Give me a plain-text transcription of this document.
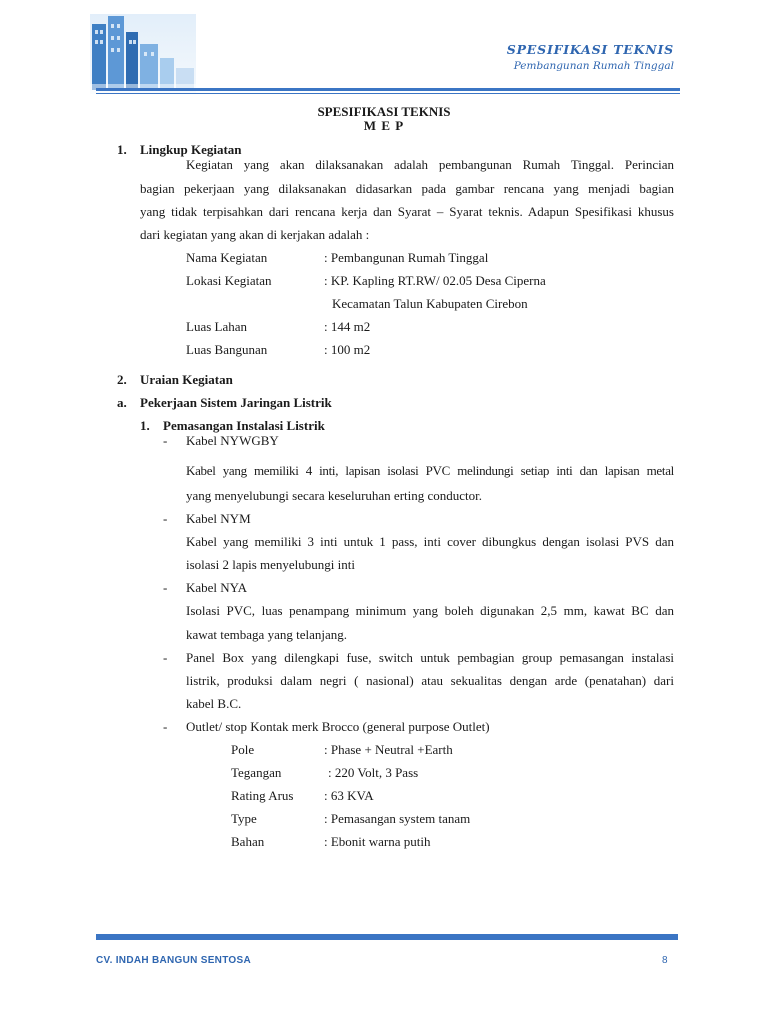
SPESIFIKASI TEKNIS
Pembangunan Rumah Tinggal
SPESIFIKASI TEKNIS
M E P
1. Lingkup Kegiatan
Kegiatan yang akan dilaksanakan adalah pembangunan Rumah Tinggal. Perincian
bagian pekerjaan yang dilaksanakan didasarkan pada gambar rencana yang menjadi bagian
yang tidak terpisahkan dari rencana kerja dan Syarat – Syarat teknis. Adapun Spesifikasi khusus
dari kegiatan yang akan di kerjakan adalah :
Nama Kegiatan	: Pembangunan Rumah Tinggal
Lokasi Kegiatan	: KP. Kapling RT.RW/ 02.05 Desa Ciperna
Kecamatan Talun Kabupaten Cirebon
Luas Lahan	: 144 m2
Luas Bangunan	: 100 m2
2. Uraian Kegiatan
a. Pekerjaan Sistem Jaringan Listrik
1. Pemasangan Instalasi Listrik
- Kabel NYWGBY
Kabel yang memiliki 4 inti, lapisan isolasi PVC melindungi setiap inti dan lapisan metal
yang menyelubungi secara keseluruhan erting conductor.
- Kabel NYM
Kabel yang memiliki 3 inti untuk 1 pass, inti cover dibungkus dengan isolasi PVS dan
isolasi 2 lapis menyelubungi inti
- Kabel NYA
Isolasi PVC, luas penampang minimum yang boleh digunakan 2,5 mm, kawat BC dan
kawat tembaga yang telanjang.
- Panel Box yang dilengkapi fuse, switch untuk pembagian group pemasangan instalasi
listrik, produksi dalam negri ( nasional) atau sekualitas dengan arde (penatahan) dari
kabel B.C.
- Outlet/ stop Kontak merk Brocco (general purpose Outlet)
Pole	: Phase + Neutral +Earth
Tegangan	: 220 Volt, 3 Pass
Rating Arus : 63 KVA
Type	: Pemasangan system tanam
Bahan	: Ebonit warna putih
CV. INDAH BANGUN SENTOSA	8
